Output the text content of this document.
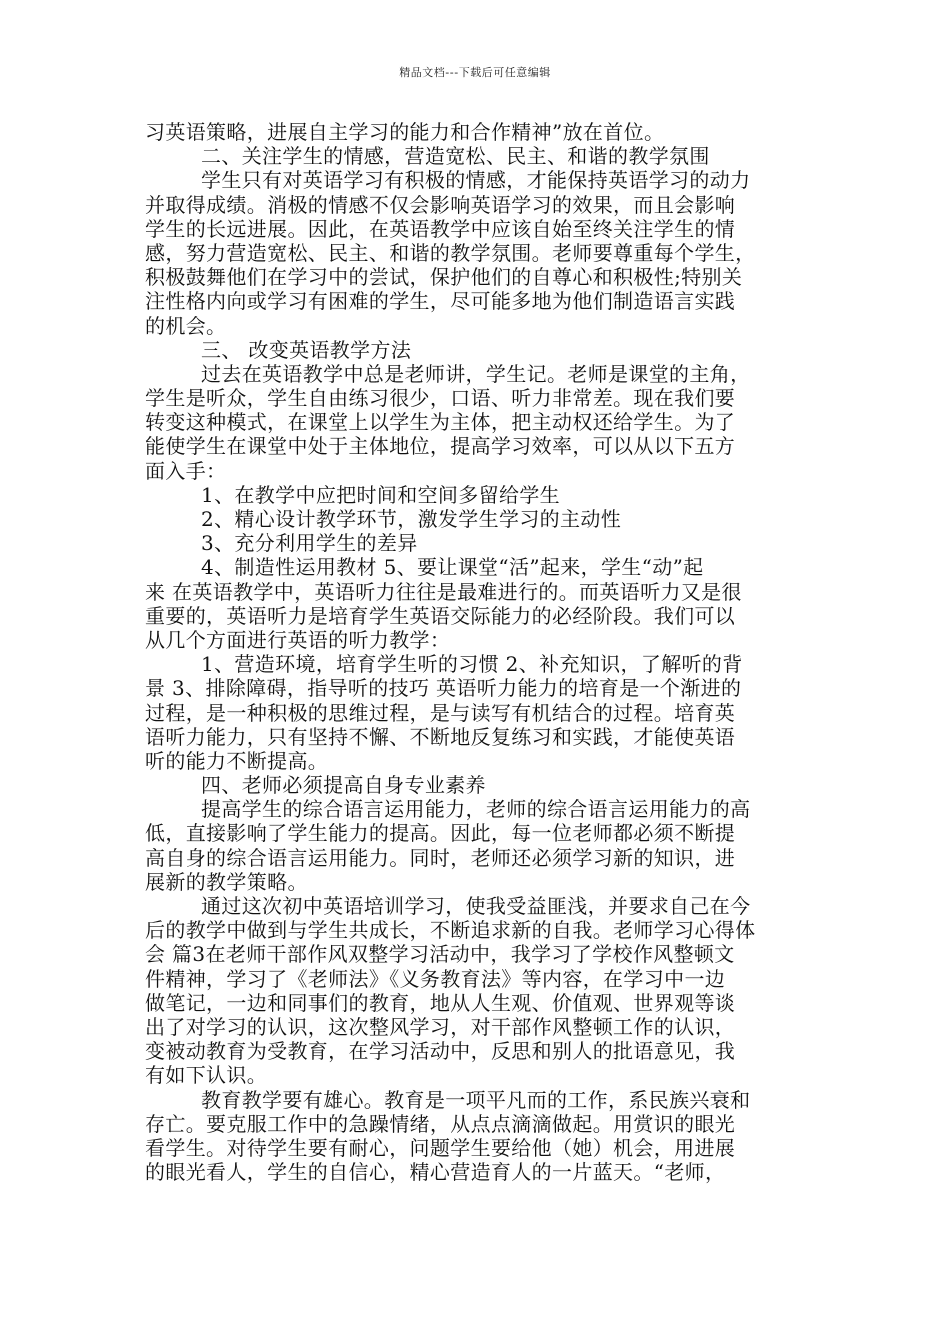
精品文档---下载后可任意编辑
习英语策略，进展自主学习的能力和合作精神”放在首位。
二、关注学生的情感，营造宽松、民主、和谐的教学氛围
学生只有对英语学习有积极的情感，才能保持英语学习的动力
并取得成绩。消极的情感不仅会影响英语学习的效果，而且会影响
学生的长远进展。因此，在英语教学中应该自始至终关注学生的情
感，努力营造宽松、民主、和谐的教学氛围。老师要尊重每个学生，
积极鼓舞他们在学习中的尝试，保护他们的自尊心和积极性;特别关
注性格内向或学习有困难的学生，尽可能多地为他们制造语言实践
的机会。
三、 改变英语教学方法
过去在英语教学中总是老师讲，学生记。老师是课堂的主角，
学生是听众，学生自由练习很少，口语、听力非常差。现在我们要
转变这种模式，在课堂上以学生为主体，把主动权还给学生。为了
能使学生在课堂中处于主体地位，提高学习效率，可以从以下五方
面入手：
1、在教学中应把时间和空间多留给学生
2、精心设计教学环节，激发学生学习的主动性
3、充分利用学生的差异
4、制造性运用教材 5、要让课堂“活”起来，学生“动”起
来 在英语教学中，英语听力往往是最难进行的。而英语听力又是很
重要的，英语听力是培育学生英语交际能力的必经阶段。我们可以
从几个方面进行英语的听力教学：
1、营造环境，培育学生听的习惯 2、补充知识，了解听的背
景 3、排除障碍，指导听的技巧 英语听力能力的培育是一个渐进的
过程，是一种积极的思维过程，是与读写有机结合的过程。培育英
语听力能力，只有坚持不懈、不断地反复练习和实践，才能使英语
听的能力不断提高。
四、老师必须提高自身专业素养
提高学生的综合语言运用能力，老师的综合语言运用能力的高
低，直接影响了学生能力的提高。因此，每一位老师都必须不断提
高自身的综合语言运用能力。同时，老师还必须学习新的知识，进
展新的教学策略。
通过这次初中英语培训学习，使我受益匪浅，并要求自己在今
后的教学中做到与学生共成长，不断追求新的自我。老师学习心得体
会 篇3在老师干部作风双整学习活动中，我学习了学校作风整顿文
件精神，学习了《老师法》《义务教育法》等内容，在学习中一边
做笔记，一边和同事们的教育，地从人生观、价值观、世界观等谈
出了对学习的认识，这次整风学习，对干部作风整顿工作的认识，
变被动教育为受教育，在学习活动中，反思和别人的批语意见，我
有如下认识。
教育教学要有雄心。教育是一项平凡而的工作，系民族兴衰和
存亡。要克服工作中的急躁情绪，从点点滴滴做起。用赏识的眼光
看学生。对待学生要有耐心，问题学生要给他（她）机会，用进展
的眼光看人，学生的自信心，精心营造育人的一片蓝天。“老师，
